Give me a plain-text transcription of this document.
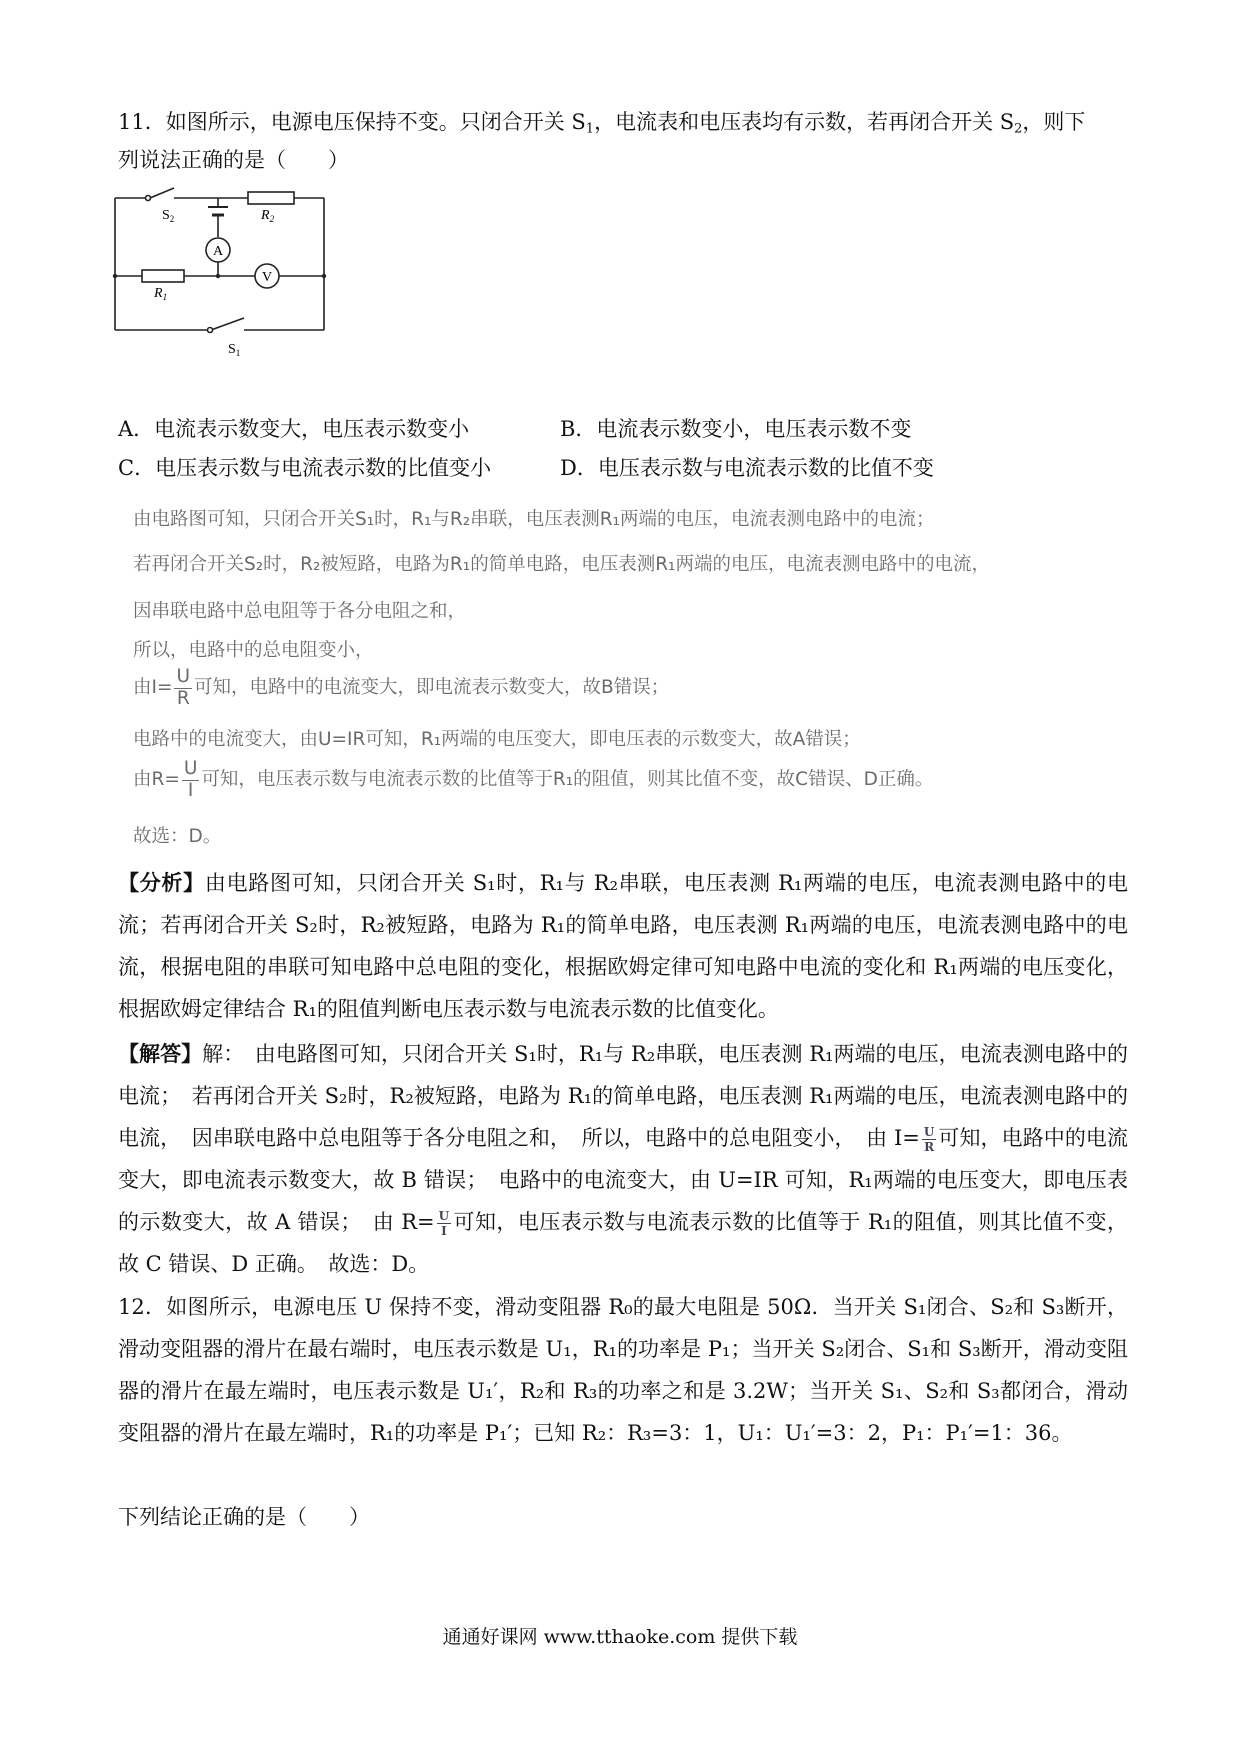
11．如图所示，电源电压保持不变。只闭合开关 $S_1$，电流表和电压表均有示数，若再闭合开关 $S_2$，则下
列说法正确的是（　　）
$S_2$	$R_2$
A
V
$R_1$
$S_1$
A．电流表示数变大，电压表示数变小	B．电流表示数变小，电压表示数不变
C．电压表示数与电流表示数的比值变小	D．电压表示数与电流表示数的比值不变
由电路图可知，只闭合开关S₁时，R₁与R₂串联，电压表测R₁两端的电压，电流表测电路中的电流；
若再闭合开关S₂时，R₂被短路，电路为R₁的简单电路，电压表测R₁两端的电压，电流表测电路中的电流，
因串联电路中总电阻等于各分电阻之和，
所以，电路中的总电阻变小，
由$I= \frac{U}{R}$ 可知，电路中的电流变大，即电流表示数变大，故B错误；
电路中的电流变大，由U=IR可知，R₁两端的电压变大，即电压表的示数变大，故A错误；
由$R= \frac{U}{I}$ 可知，电压表示数与电流表示数的比值等于R₁的阻值，则其比值不变，故C错误、D正确。
故选：D。
【分析】由电路图可知，只闭合开关 S₁时，R₁与 R₂串联，电压表测 R₁两端的电压，电流表测电路中的电流；若再闭合开关 S₂时，R₂被短路，电路为 R₁的简单电路，电压表测 R₁两端的电压，电流表测电路中的电流，根据电阻的串联可知电路中总电阻的变化，根据欧姆定律可知电路中电流的变化和 R₁两端的电压变化，根据欧姆定律结合 R₁的阻值判断电压表示数与电流表示数的比值变化。
【解答】解：　由电路图可知，只闭合开关 S₁时，R₁与 R₂串联，电压表测 R₁两端的电压，电流表测电路中的电流；　若再闭合开关 S₂时，R₂被短路，电路为 R₁的简单电路，电压表测 R₁两端的电压，电流表测电路中的电流，　因串联电路中总电阻等于各分电阻之和，　所以，电路中的总电阻变小，　由 $I= \frac{U}{R}$ 可知，电路中的电流变大，即电流表示数变大，故 B 错误；　电路中的电流变大，由 U=IR 可知，R₁两端的电压变大，即电压表的示数变大，故 A 错误；　由 $R= \frac{U}{I}$ 可知，电压表示数与电流表示数的比值等于 R₁的阻值，则其比值不变，故 C 错误、D 正确。　故选：D。
12．如图所示，电源电压 U 保持不变，滑动变阻器 R₀的最大电阻是 50Ω．当开关 S₁闭合、S₂和 S₃断开，滑动变阻器的滑片在最右端时，电压表示数是 U₁，R₁的功率是 P₁；当开关 S₂闭合、S₁和 S₃断开，滑动变阻器的滑片在最左端时，电压表示数是 U₁′，R₂和 R₃的功率之和是 3.2W；当开关 S₁、S₂和 S₃都闭合，滑动变阻器的滑片在最左端时，R₁的功率是 P₁′；已知 R₂：R₃=3：1，U₁：U₁′=3：2，P₁：P₁′=1：36。
下列结论正确的是（　　）
通通好课网 www.tthaoke.com 提供下载
